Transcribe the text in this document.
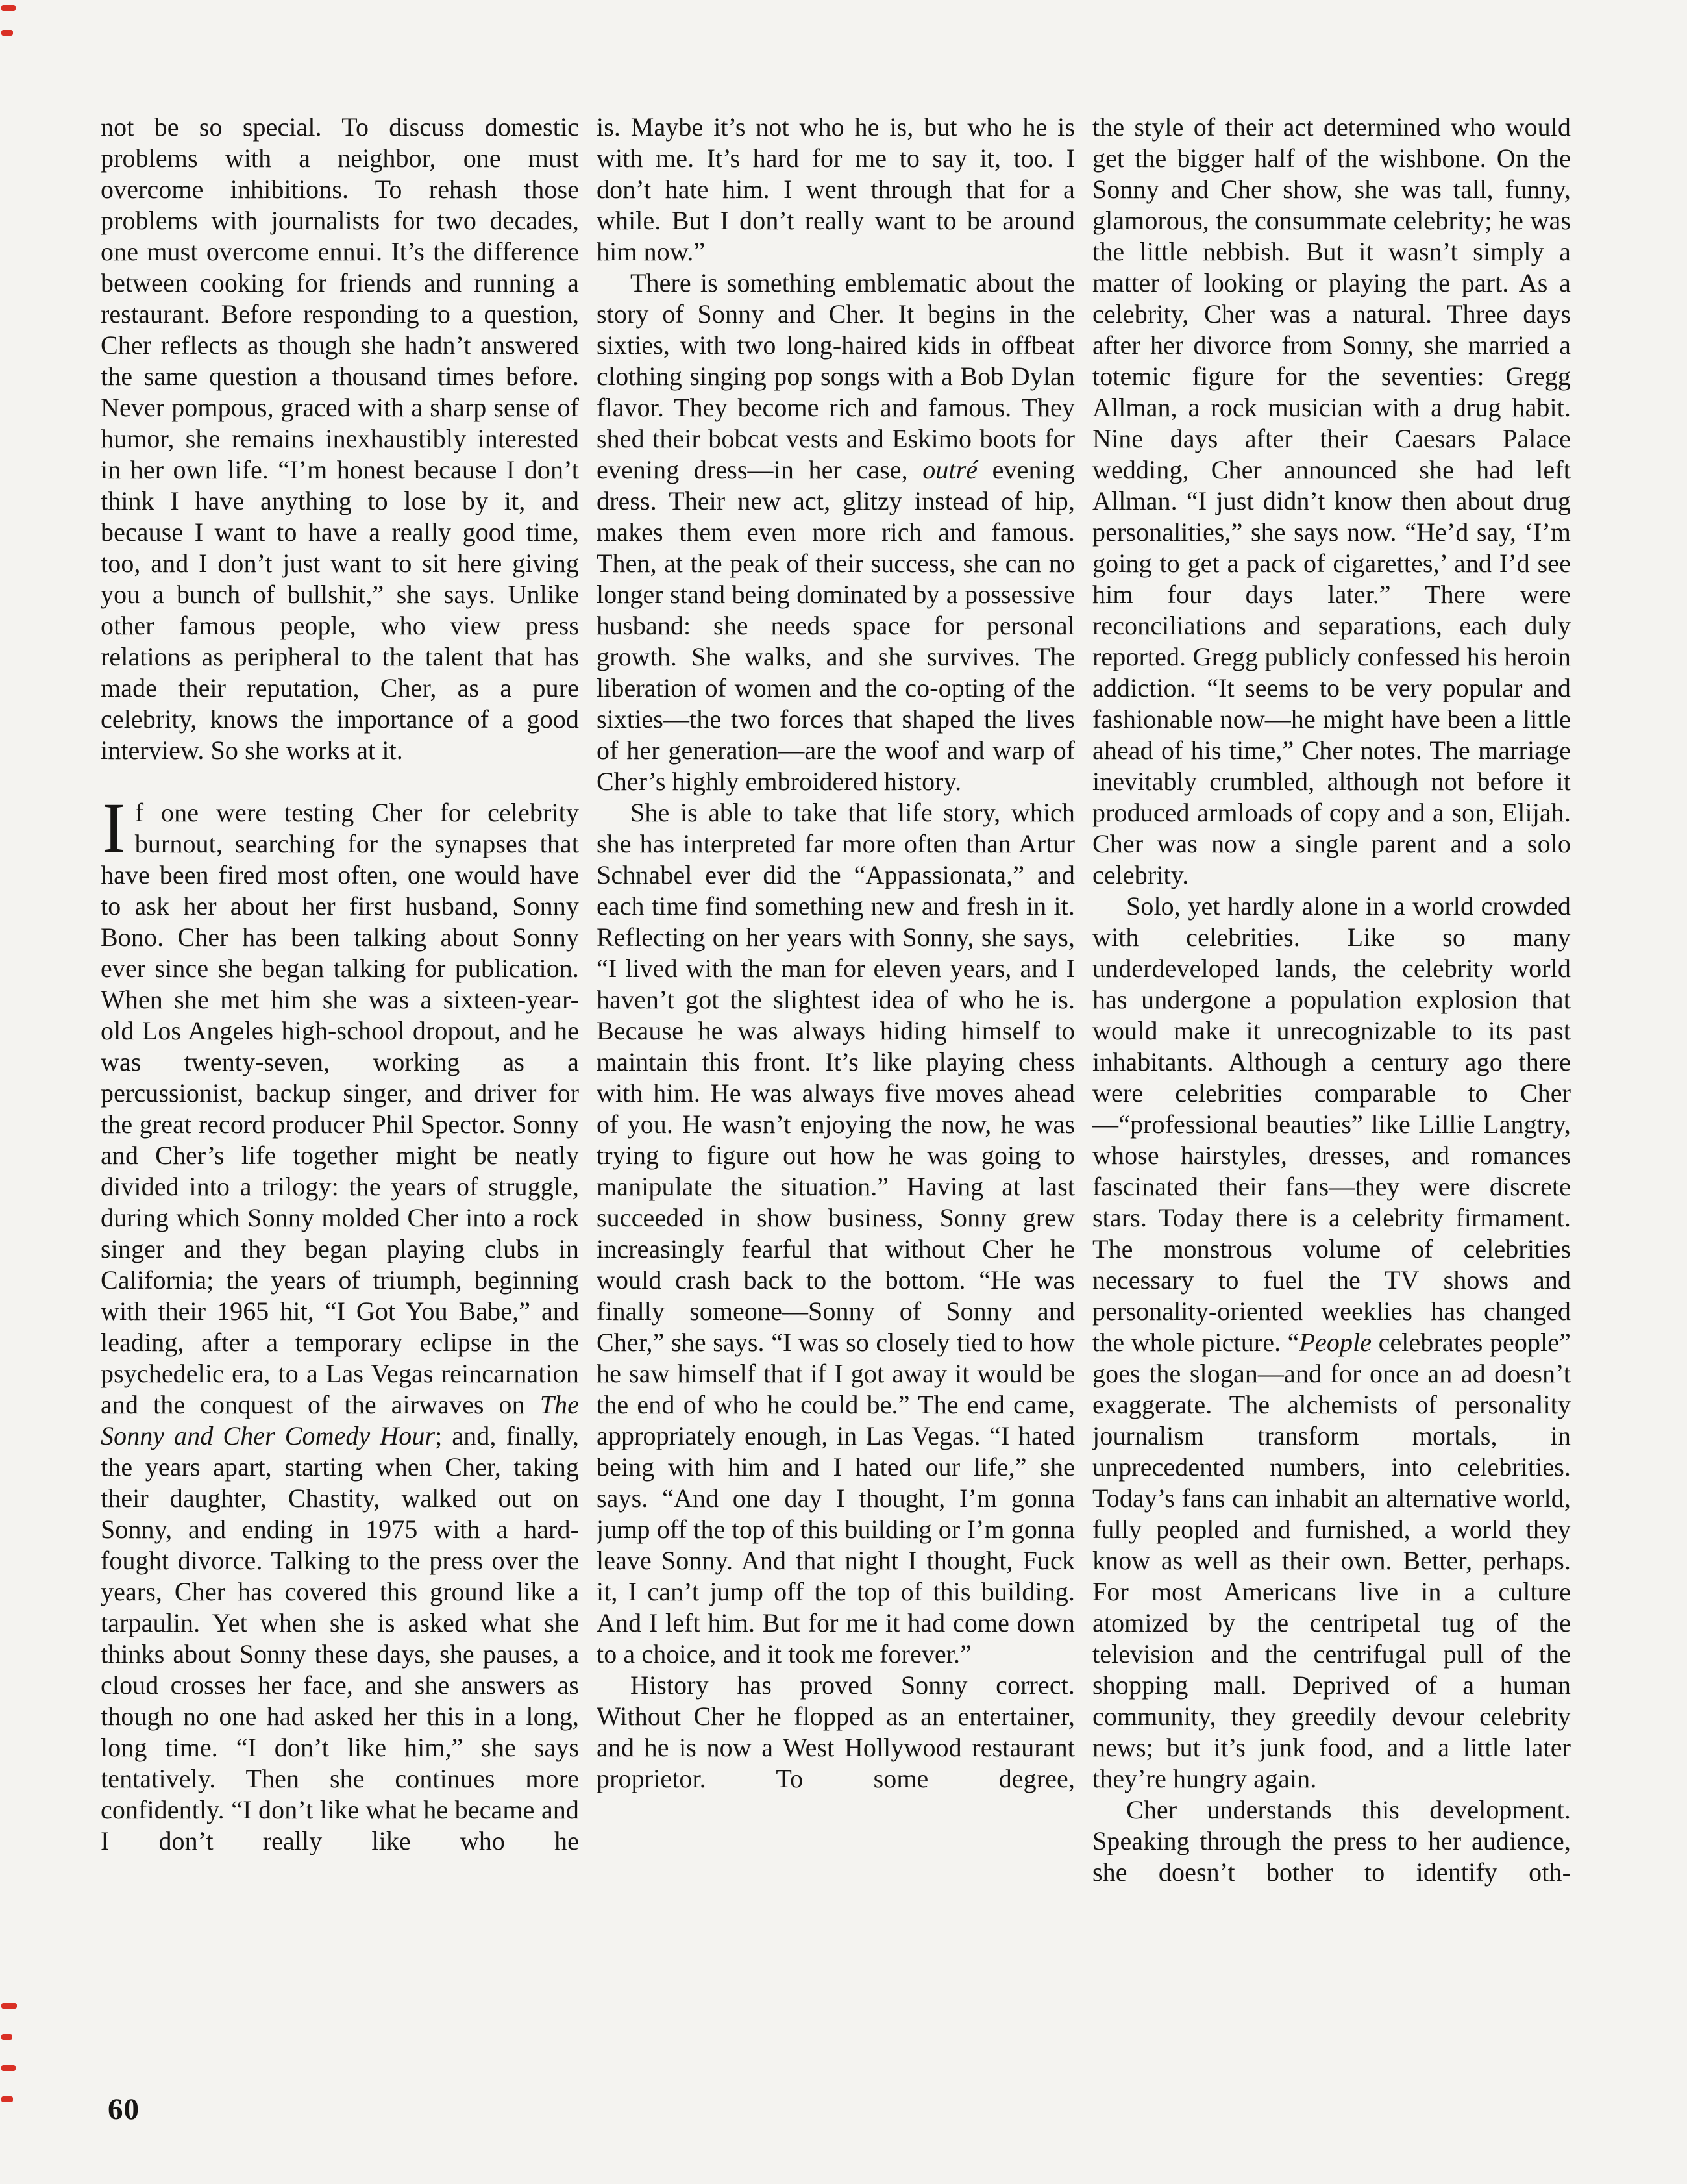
not be so special. To discuss domestic problems with a neighbor, one must overcome inhibitions. To rehash those problems with journalists for two decades, one must overcome ennui. It’s the difference between cooking for friends and running a restaurant. Before responding to a question, Cher reflects as though she hadn’t answered the same question a thousand times before. Never pompous, graced with a sharp sense of humor, she remains inexhaustibly interested in her own life. “I’m honest because I don’t think I have anything to lose by it, and because I want to have a really good time, too, and I don’t just want to sit here giving you a bunch of bullshit,” she says. Unlike other famous people, who view press relations as peripheral to the talent that has made their reputation, Cher, as a pure celebrity, knows the importance of a good interview. So she works at it.

If one were testing Cher for celebrity burnout, searching for the synapses that have been fired most often, one would have to ask her about her first husband, Sonny Bono. Cher has been talking about Sonny ever since she began talking for publication. When she met him she was a sixteen-year-old Los Angeles high-school dropout, and he was twenty-seven, working as a percussionist, backup singer, and driver for the great record producer Phil Spector. Sonny and Cher’s life together might be neatly divided into a trilogy: the years of struggle, during which Sonny molded Cher into a rock singer and they began playing clubs in California; the years of triumph, beginning with their 1965 hit, “I Got You Babe,” and leading, after a temporary eclipse in the psychedelic era, to a Las Vegas reincarnation and the conquest of the airwaves on The Sonny and Cher Comedy Hour; and, finally, the years apart, starting when Cher, taking their daughter, Chastity, walked out on Sonny, and ending in 1975 with a hard-fought divorce. Talking to the press over the years, Cher has covered this ground like a tarpaulin. Yet when she is asked what she thinks about Sonny these days, she pauses, a cloud crosses her face, and she answers as though no one had asked her this in a long, long time. “I don’t like him,” she says tentatively. Then she continues more confidently. “I don’t like what he became and I don’t really like who he

is. Maybe it’s not who he is, but who he is with me. It’s hard for me to say it, too. I don’t hate him. I went through that for a while. But I don’t really want to be around him now.”

There is something emblematic about the story of Sonny and Cher. It begins in the sixties, with two long-haired kids in offbeat clothing singing pop songs with a Bob Dylan flavor. They become rich and famous. They shed their bobcat vests and Eskimo boots for evening dress—in her case, outré evening dress. Their new act, glitzy instead of hip, makes them even more rich and famous. Then, at the peak of their success, she can no longer stand being dominated by a possessive husband: she needs space for personal growth. She walks, and she survives. The liberation of women and the co-opting of the sixties—the two forces that shaped the lives of her generation—are the woof and warp of Cher’s highly embroidered history.

She is able to take that life story, which she has interpreted far more often than Artur Schnabel ever did the “Appassionata,” and each time find something new and fresh in it. Reflecting on her years with Sonny, she says, “I lived with the man for eleven years, and I haven’t got the slightest idea of who he is. Because he was always hiding himself to maintain this front. It’s like playing chess with him. He was always five moves ahead of you. He wasn’t enjoying the now, he was trying to figure out how he was going to manipulate the situation.” Having at last succeeded in show business, Sonny grew increasingly fearful that without Cher he would crash back to the bottom. “He was finally someone—Sonny of Sonny and Cher,” she says. “I was so closely tied to how he saw himself that if I got away it would be the end of who he could be.” The end came, appropriately enough, in Las Vegas. “I hated being with him and I hated our life,” she says. “And one day I thought, I’m gonna jump off the top of this building or I’m gonna leave Sonny. And that night I thought, Fuck it, I can’t jump off the top of this building. And I left him. But for me it had come down to a choice, and it took me forever.”

History has proved Sonny correct. Without Cher he flopped as an entertainer, and he is now a West Hollywood restaurant proprietor. To some degree,

the style of their act determined who would get the bigger half of the wishbone. On the Sonny and Cher show, she was tall, funny, glamorous, the consummate celebrity; he was the little nebbish. But it wasn’t simply a matter of looking or playing the part. As a celebrity, Cher was a natural. Three days after her divorce from Sonny, she married a totemic figure for the seventies: Gregg Allman, a rock musician with a drug habit. Nine days after their Caesars Palace wedding, Cher announced she had left Allman. “I just didn’t know then about drug personalities,” she says now. “He’d say, ‘I’m going to get a pack of cigarettes,’ and I’d see him four days later.” There were reconciliations and separations, each duly reported. Gregg publicly confessed his heroin addiction. “It seems to be very popular and fashionable now—he might have been a little ahead of his time,” Cher notes. The marriage inevitably crumbled, although not before it produced armloads of copy and a son, Elijah. Cher was now a single parent and a solo celebrity.

Solo, yet hardly alone in a world crowded with celebrities. Like so many underdeveloped lands, the celebrity world has undergone a population explosion that would make it unrecognizable to its past inhabitants. Although a century ago there were celebrities comparable to Cher—“professional beauties” like Lillie Langtry, whose hairstyles, dresses, and romances fascinated their fans—they were discrete stars. Today there is a celebrity firmament. The monstrous volume of celebrities necessary to fuel the TV shows and personality-oriented weeklies has changed the whole picture. “People celebrates people” goes the slogan—and for once an ad doesn’t exaggerate. The alchemists of personality journalism transform mortals, in unprecedented numbers, into celebrities. Today’s fans can inhabit an alternative world, fully peopled and furnished, a world they know as well as their own. Better, perhaps. For most Americans live in a culture atomized by the centripetal tug of the television and the centrifugal pull of the shopping mall. Deprived of a human community, they greedily devour celebrity news; but it’s junk food, and a little later they’re hungry again.

Cher understands this development. Speaking through the press to her audience, she doesn’t bother to identify oth-

60
